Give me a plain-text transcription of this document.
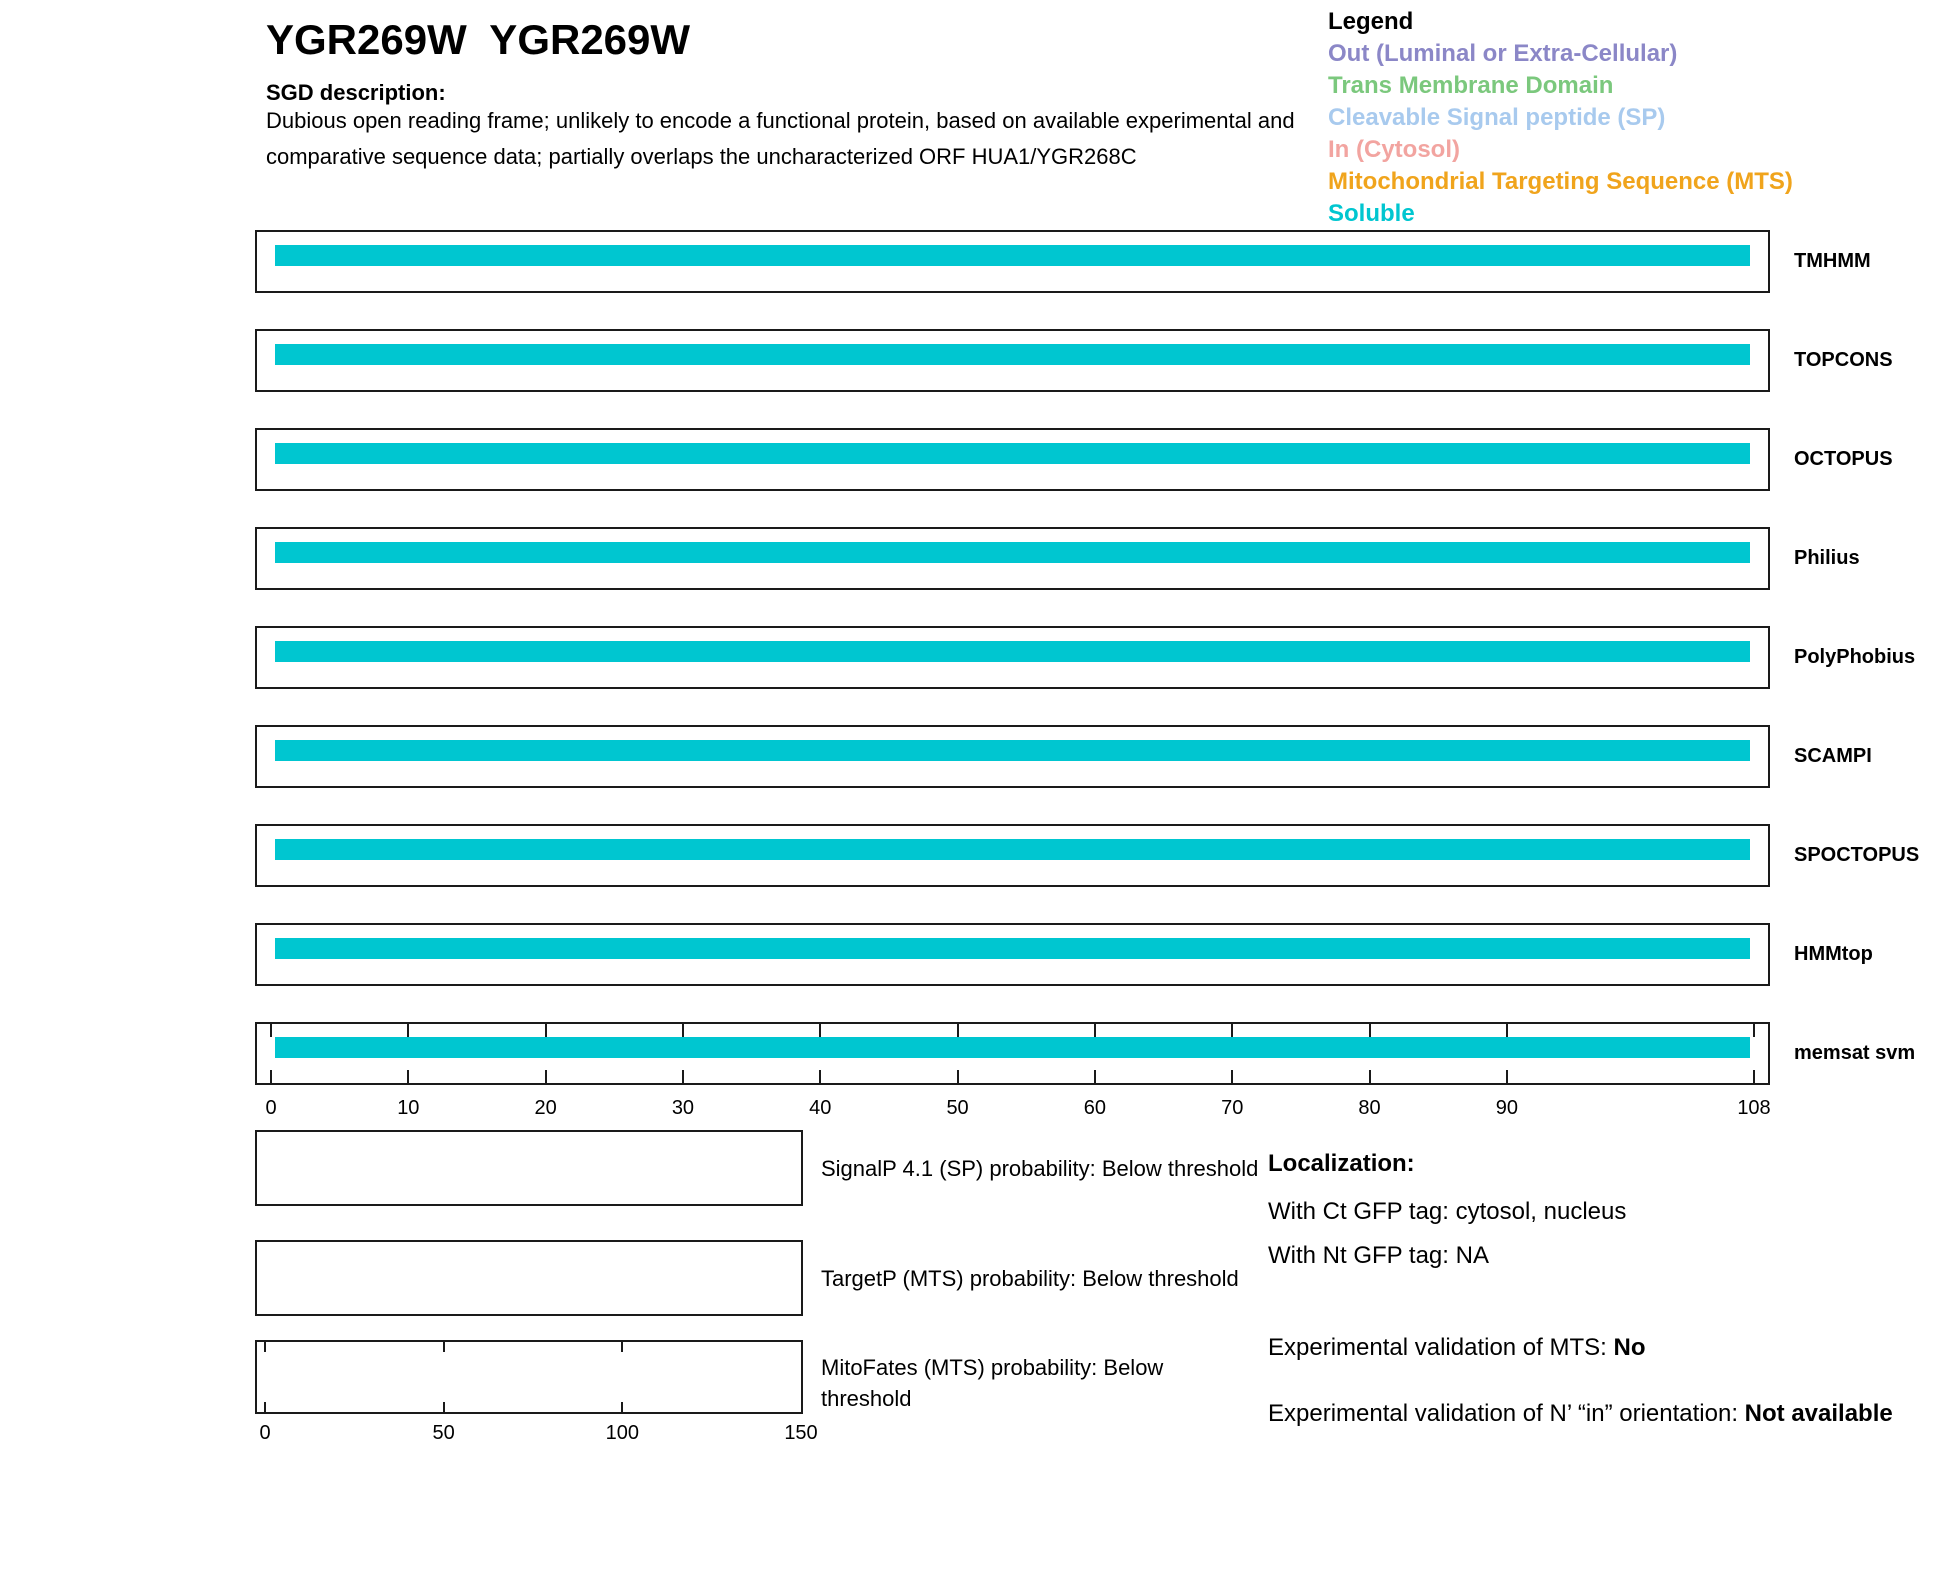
YGR269W  YGR269W
SGD description:
Dubious open reading frame; unlikely to encode a functional protein, based on available experimental and
comparative sequence data; partially overlaps the uncharacterized ORF HUA1/YGR268C
Legend
Out (Luminal or Extra-Cellular)
Trans Membrane Domain
Cleavable Signal peptide (SP)
In (Cytosol)
Mitochondrial Targeting Sequence (MTS)
Soluble
TMHMM
TOPCONS
OCTOPUS
Philius
PolyPhobius
SCAMPI
SPOCTOPUS
HMMtop
memsat svm
0	10	20	30	40	50	60	70	80	90	108
SignalP 4.1 (SP) probability: Below threshold
TargetP (MTS) probability: Below threshold
0	50	100	150
MitoFates (MTS) probability: Below threshold
Localization:
With Ct GFP tag: cytosol, nucleus
With Nt GFP tag: NA
Experimental validation of MTS: No
Experimental validation of N’ “in” orientation: Not available
